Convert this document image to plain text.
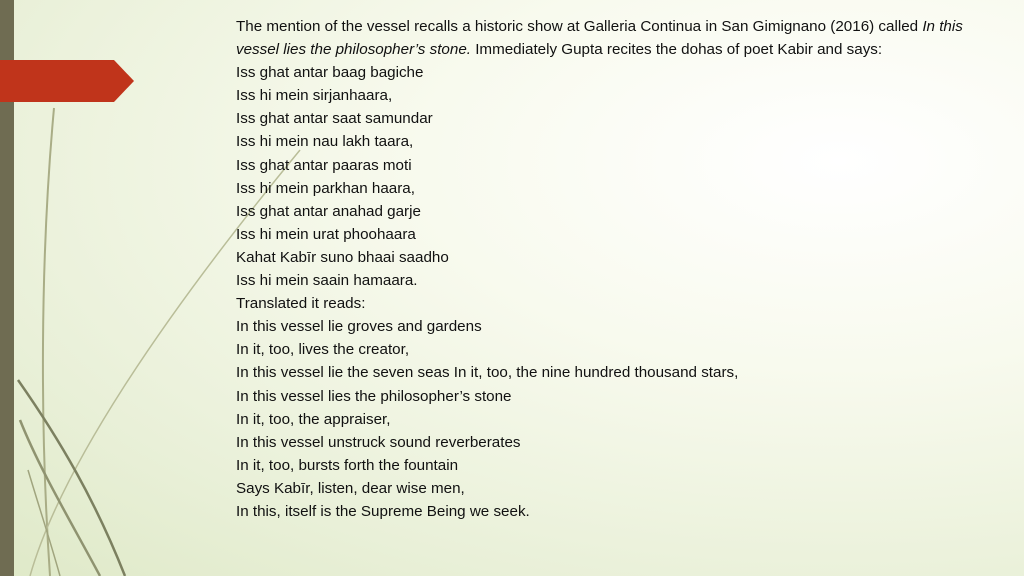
The mention of the vessel recalls a historic show at Galleria Continua in San Gimignano (2016) called In this vessel lies the philosopher’s stone. Immediately Gupta recites the dohas of poet Kabir and says:
Iss ghat antar baag bagiche
Iss hi mein sirjanhaara,
Iss ghat antar saat samundar
Iss hi mein nau lakh taara,
Iss ghat antar paaras moti
Iss hi mein parkhan haara,
Iss ghat antar anahad garje
Iss hi mein urat phoohaara
Kahat Kabīr suno bhaai saadho
Iss hi mein saain hamaara.
Translated it reads:
In this vessel lie groves and gardens
In it, too, lives the creator,
In this vessel lie the seven seas In it, too, the nine hundred thousand stars,
In this vessel lies the philosopher’s stone
In it, too, the appraiser,
In this vessel unstruck sound reverberates
In it, too, bursts forth the fountain
Says Kabīr, listen, dear wise men,
In this, itself is the Supreme Being we seek.
